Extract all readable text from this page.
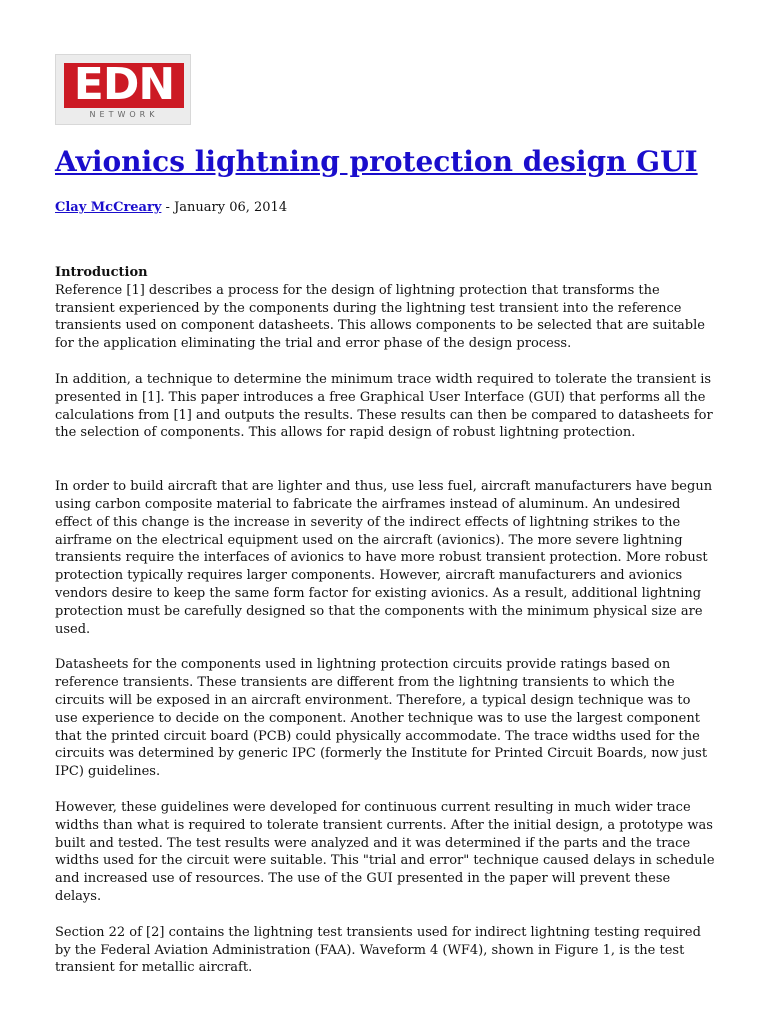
EDN
NETWORK
Avionics lightning protection design GUI
Clay McCreary - January 06, 2014

Introduction

Reference [1] describes a process for the design of lightning protection that transforms the transient experienced by the components during the lightning test transient into the reference transients used on component datasheets. This allows components to be selected that are suitable for the application eliminating the trial and error phase of the design process.

In addition, a technique to determine the minimum trace width required to tolerate the transient is presented in [1]. This paper introduces a free Graphical User Interface (GUI) that performs all the calculations from [1] and outputs the results. These results can then be compared to datasheets for the selection of components. This allows for rapid design of robust lightning protection.

In order to build aircraft that are lighter and thus, use less fuel, aircraft manufacturers have begun using carbon composite material to fabricate the airframes instead of aluminum. An undesired effect of this change is the increase in severity of the indirect effects of lightning strikes to the airframe on the electrical equipment used on the aircraft (avionics). The more severe lightning transients require the interfaces of avionics to have more robust transient protection. More robust protection typically requires larger components. However, aircraft manufacturers and avionics vendors desire to keep the same form factor for existing avionics. As a result, additional lightning protection must be carefully designed so that the components with the minimum physical size are used.

Datasheets for the components used in lightning protection circuits provide ratings based on reference transients. These transients are different from the lightning transients to which the circuits will be exposed in an aircraft environment. Therefore, a typical design technique was to use experience to decide on the component. Another technique was to use the largest component that the printed circuit board (PCB) could physically accommodate. The trace widths used for the circuits was determined by generic IPC (formerly the Institute for Printed Circuit Boards, now just IPC) guidelines.

However, these guidelines were developed for continuous current resulting in much wider trace widths than what is required to tolerate transient currents. After the initial design, a prototype was built and tested. The test results were analyzed and it was determined if the parts and the trace widths used for the circuit were suitable. This "trial and error" technique caused delays in schedule and increased use of resources. The use of the GUI presented in the paper will prevent these delays.

Section 22 of [2] contains the lightning test transients used for indirect lightning testing required by the Federal Aviation Administration (FAA). Waveform 4 (WF4), shown in Figure 1, is the test transient for metallic aircraft.
